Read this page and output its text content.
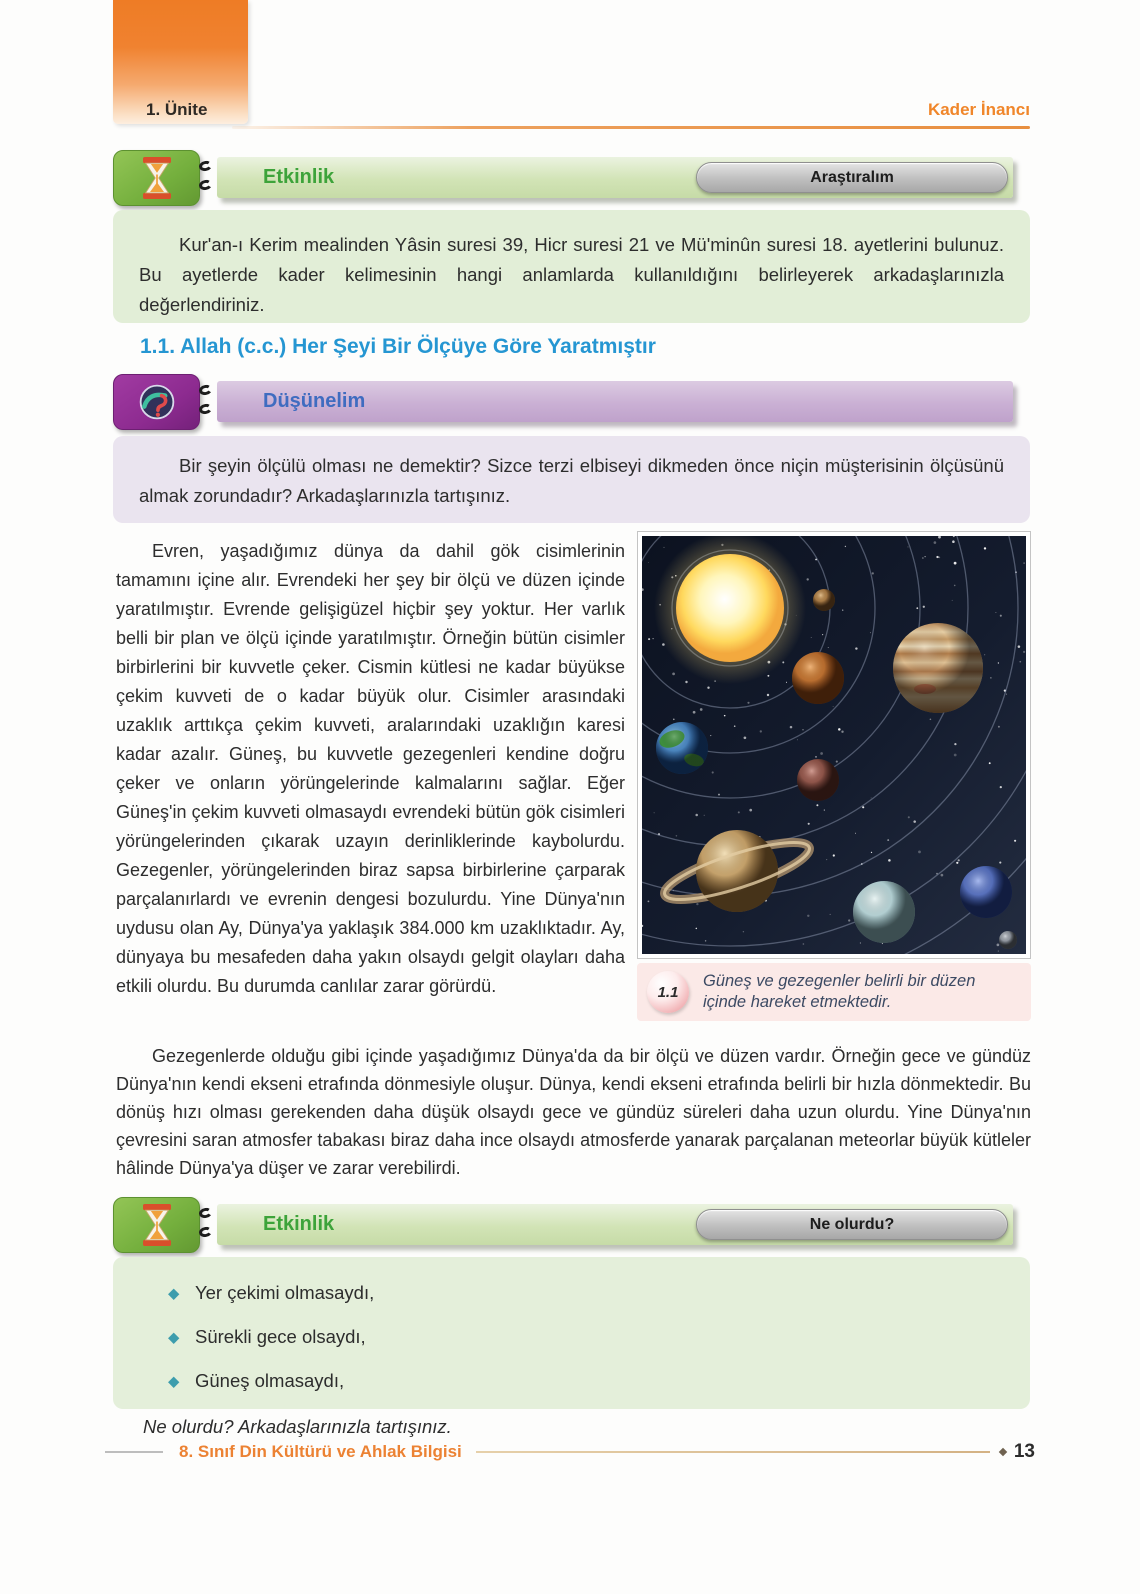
1. Ünite	Kader İnancı
Etkinlik	Araştıralım

Kur'an-ı Kerim mealinden Yâsin suresi 39, Hicr suresi 21 ve Mü'minûn suresi 18. ayetlerini bulunuz. Bu ayetlerde kader kelimesinin hangi anlamlarda kullanıldığını belirleyerek arkadaşlarınızla değerlendiriniz.

1.1. Allah (c.c.) Her Şeyi Bir Ölçüye Göre Yaratmıştır
Düşünelim

Bir şeyin ölçülü olması ne demektir? Sizce terzi elbiseyi dikmeden önce niçin müşterisinin ölçüsünü almak zorundadır? Arkadaşlarınızla tartışınız.

Evren, yaşadığımız dünya da dahil gök cisimlerinin tamamını içine alır. Evrendeki her şey bir ölçü ve düzen içinde yaratılmıştır. Evrende gelişigüzel hiçbir şey yoktur. Her varlık belli bir plan ve ölçü içinde yaratılmıştır. Örneğin bütün cisimler birbirlerini bir kuvvetle çeker. Cismin kütlesi ne kadar büyükse çekim kuvveti de o kadar büyük olur. Cisimler arasındaki uzaklık arttıkça çekim kuvveti, aralarındaki uzaklığın karesi kadar azalır. Güneş, bu kuvvetle gezegenleri kendine doğru çeker ve onların yörüngelerinde kalmalarını sağlar. Eğer Güneş'in çekim kuvveti olmasaydı evrendeki bütün gök cisimleri yörüngelerinden çıkarak uzayın derinliklerinde kaybolurdu. Gezegenler, yörüngelerinden biraz sapsa birbirlerine çarparak parçalanırlardı ve evrenin dengesi bozulurdu. Yine Dünya'nın uydusu olan Ay, Dünya'ya yaklaşık 384.000 km uzaklıktadır. Ay, dünyaya bu mesafeden daha yakın olsaydı gelgit olayları daha etkili olurdu. Bu durumda canlılar zarar görürdü.	1.1
Güneş ve gezegenler belirli bir düzen içinde hareket etmektedir.
Gezegenlerde olduğu gibi içinde yaşadığımız Dünya'da da bir ölçü ve düzen vardır. Örneğin gece ve gündüz Dünya'nın kendi ekseni etrafında dönmesiyle oluşur. Dünya, kendi ekseni etrafında belirli bir hızla dönmektedir. Bu dönüş hızı olması gerekenden daha düşük olsaydı gece ve gündüz süreleri daha uzun olurdu. Yine Dünya'nın çevresini saran atmosfer tabakası biraz daha ince olsaydı atmosferde yanarak parçalanan meteorlar büyük kütleler hâlinde Dünya'ya düşer ve zarar verebilirdi.
Etkinlik	Ne olurdu?
Yer çekimi olmasaydı,
Sürekli gece olsaydı,
Güneş olmasaydı,
Ne olurdu? Arkadaşlarınızla tartışınız.
8. Sınıf Din Kültürü ve Ahlak Bilgisi	13
